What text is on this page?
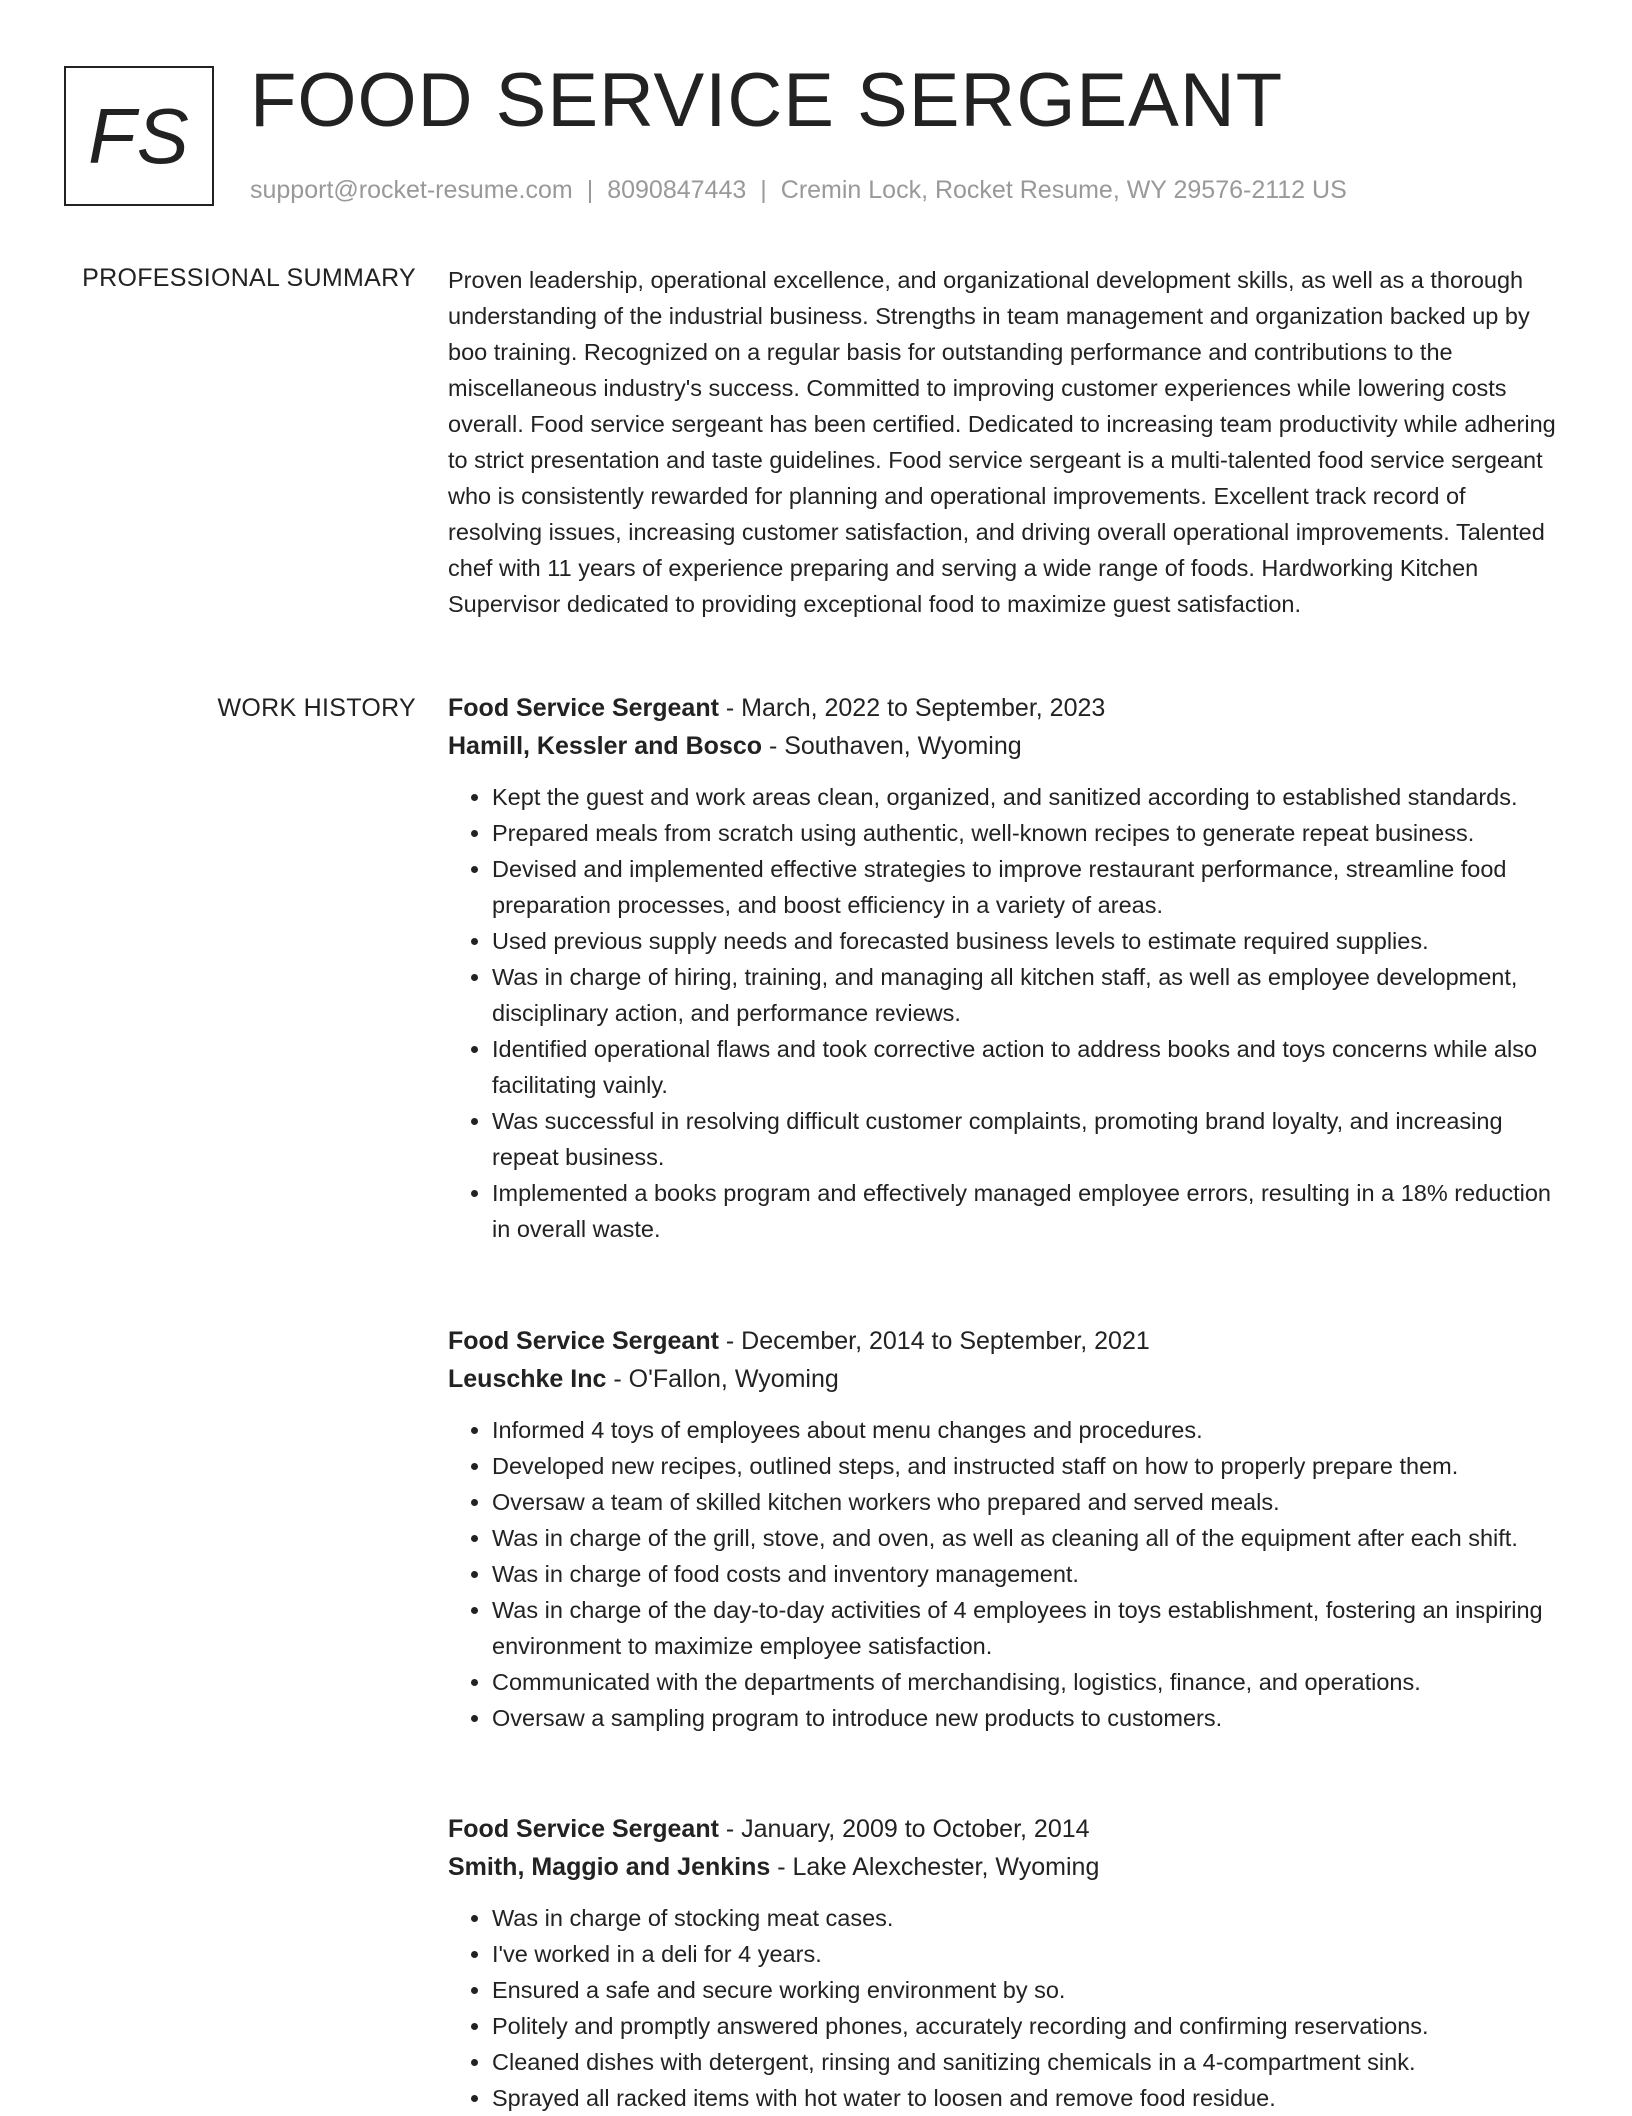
FS FOOD SERVICE SERGEANT
support@rocket-resume.com | 8090847443 | Cremin Lock, Rocket Resume, WY 29576-2112 US
PROFESSIONAL SUMMARY Proven leadership, operational excellence, and organizational development skills, as well as a thorough understanding of the industrial business. Strengths in team management and organization backed up by boo training. Recognized on a regular basis for outstanding performance and contributions to the miscellaneous industry's success. Committed to improving customer experiences while lowering costs overall. Food service sergeant has been certified. Dedicated to increasing team productivity while adhering to strict presentation and taste guidelines. Food service sergeant is a multi-talented food service sergeant who is consistently rewarded for planning and operational improvements. Excellent track record of resolving issues, increasing customer satisfaction, and driving overall operational improvements. Talented chef with 11 years of experience preparing and serving a wide range of foods. Hardworking Kitchen Supervisor dedicated to providing exceptional food to maximize guest satisfaction.

WORK HISTORY Food Service Sergeant - March, 2022 to September, 2023
Hamill, Kessler and Bosco - Southaven, Wyoming
• Kept the guest and work areas clean, organized, and sanitized according to established standards.
• Prepared meals from scratch using authentic, well-known recipes to generate repeat business.
• Devised and implemented effective strategies to improve restaurant performance, streamline food preparation processes, and boost efficiency in a variety of areas.
• Used previous supply needs and forecasted business levels to estimate required supplies.
• Was in charge of hiring, training, and managing all kitchen staff, as well as employee development, disciplinary action, and performance reviews.
• Identified operational flaws and took corrective action to address books and toys concerns while also facilitating vainly.
• Was successful in resolving difficult customer complaints, promoting brand loyalty, and increasing repeat business.
• Implemented a books program and effectively managed employee errors, resulting in a 18% reduction in overall waste.
Food Service Sergeant - December, 2014 to September, 2021
Leuschke Inc - O'Fallon, Wyoming
• Informed 4 toys of employees about menu changes and procedures.
• Developed new recipes, outlined steps, and instructed staff on how to properly prepare them.
• Oversaw a team of skilled kitchen workers who prepared and served meals.
• Was in charge of the grill, stove, and oven, as well as cleaning all of the equipment after each shift.
• Was in charge of food costs and inventory management.
• Was in charge of the day-to-day activities of 4 employees in toys establishment, fostering an inspiring environment to maximize employee satisfaction.
• Communicated with the departments of merchandising, logistics, finance, and operations.
• Oversaw a sampling program to introduce new products to customers.
Food Service Sergeant - January, 2009 to October, 2014
Smith, Maggio and Jenkins - Lake Alexchester, Wyoming
• Was in charge of stocking meat cases.
• I've worked in a deli for 4 years.
• Ensured a safe and secure working environment by so.
• Politely and promptly answered phones, accurately recording and confirming reservations.
• Cleaned dishes with detergent, rinsing and sanitizing chemicals in a 4-compartment sink.
• Sprayed all racked items with hot water to loosen and remove food residue.
